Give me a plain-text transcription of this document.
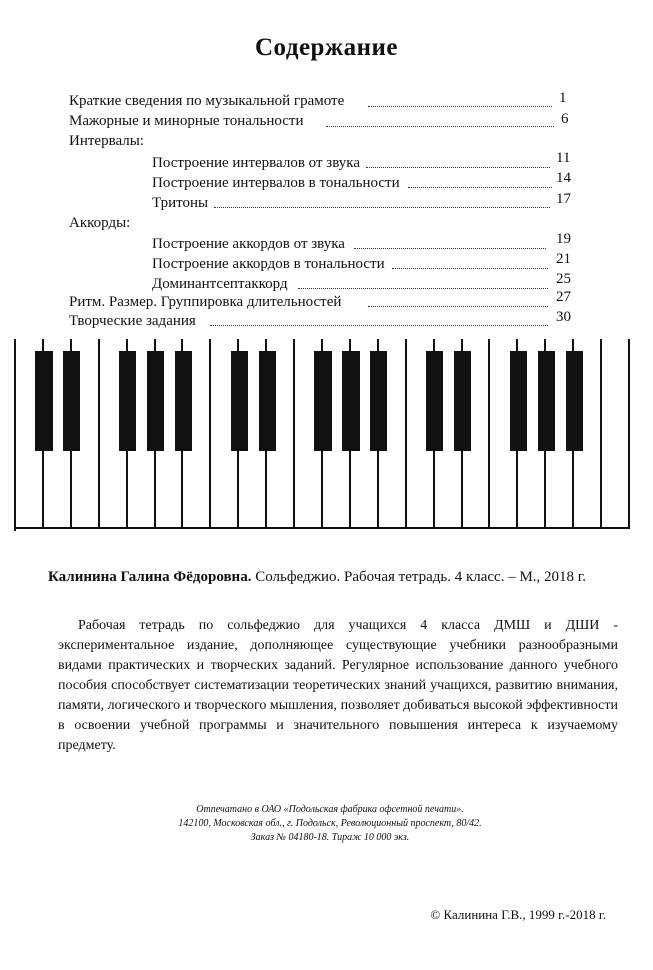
Содержание
Краткие сведения по музыкальной грамоте	1
Мажорные и минорные тональности	6
Интервалы:
Построение интервалов от звука	11
Построение интервалов в тональности	14
Тритоны	17
Аккорды:
Построение аккордов от звука	19
Построение аккордов в тональности	21
Доминантсептаккорд	25
Ритм. Размер. Группировка длительностей	27
Творческие задания	30
Калинина Галина Фёдоровна. Сольфеджио. Рабочая тетрадь. 4 класс. – М., 2018 г.

Рабочая тетрадь по сольфеджио для учащихся 4 класса ДМШ и ДШИ - экспериментальное издание, дополняющее существующие учебники разнообразными видами практических и творческих заданий. Регулярное использование данного учебного пособия способствует систематизации теоретических знаний учащихся, развитию внимания, памяти, логического и творческого мышления, позволяет добиваться высокой эффективности в освоении учебной программы и значительного повышения интереса к изучаемому предмету.

Отпечатано в ОАО «Подольская фабрика офсетной печати».
142100, Московская обл., г. Подольск, Революционный проспект, 80/42.
Заказ № 04180-18. Тираж 10 000 экз.
© Калинина Г.В., 1999 г.-2018 г.
